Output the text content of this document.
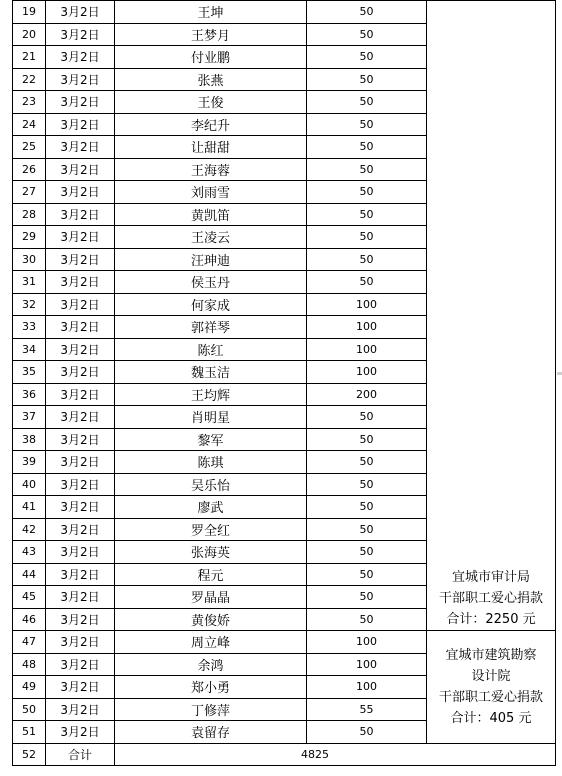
19	3月2日	王坤	50	宜城市审计局
干部职工爱心捐款
合计：2250 元

20	3月2日	王梦月	50	
21	3月2日	付业鹏	50	
22	3月2日	张燕	50	
23	3月2日	王俊	50	
24	3月2日	李纪升	50	
25	3月2日	让甜甜	50	
26	3月2日	王海蓉	50	
27	3月2日	刘雨雪	50	
28	3月2日	黄凯笛	50	
29	3月2日	王凌云	50	
30	3月2日	汪珅迪	50	
31	3月2日	侯玉丹	50	
32	3月2日	何家成	100	
33	3月2日	郭祥琴	100	
34	3月2日	陈红	100	
35	3月2日	魏玉洁	100	
36	3月2日	王均辉	200	
37	3月2日	肖明星	50	
38	3月2日	黎军	50	
39	3月2日	陈琪	50	
40	3月2日	吴乐怡	50	
41	3月2日	廖武	50	
42	3月2日	罗全红	50	
43	3月2日	张海英	50	
44	3月2日	程元	50	
45	3月2日	罗晶晶	50	
46	3月2日	黄俊娇	50	
47	3月2日	周立峰	100	宜城市建筑勘察
设计院
干部职工爱心捐款
合计：405 元

48	3月2日	余鸿	100	
49	3月2日	郑小勇	100	
50	3月2日	丁修萍	55	
51	3月2日	袁留存	50	
52	合计	4825		
